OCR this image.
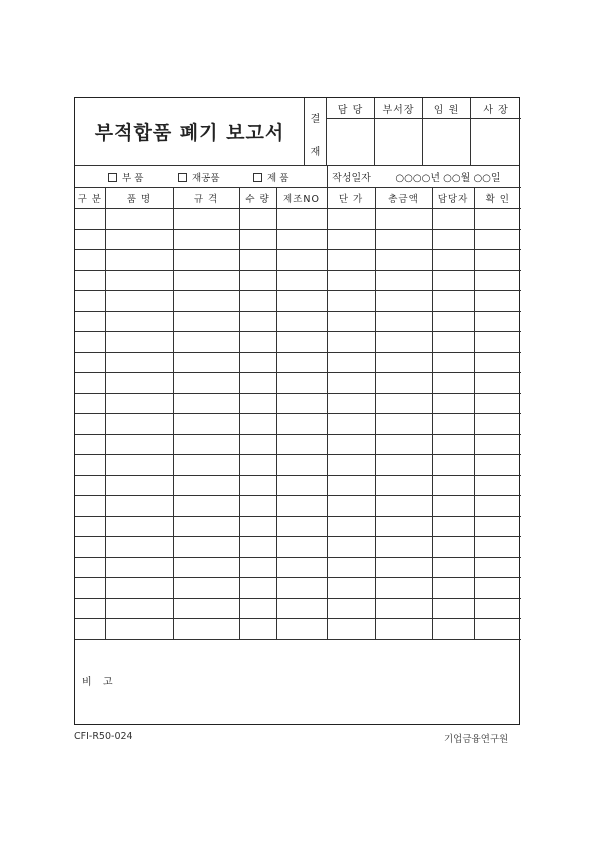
부적합품 폐기 보고서
결
재
담 당	부서장	임 원	사 장
부 품	재공품	제 품	작성일자	○○○○년 ○○월 ○○일
구 분	품 명	규 격	수 량	제조NO	단 가	총금액	담당자	확 인

비 고
CFI-R50-024	기업금융연구원
